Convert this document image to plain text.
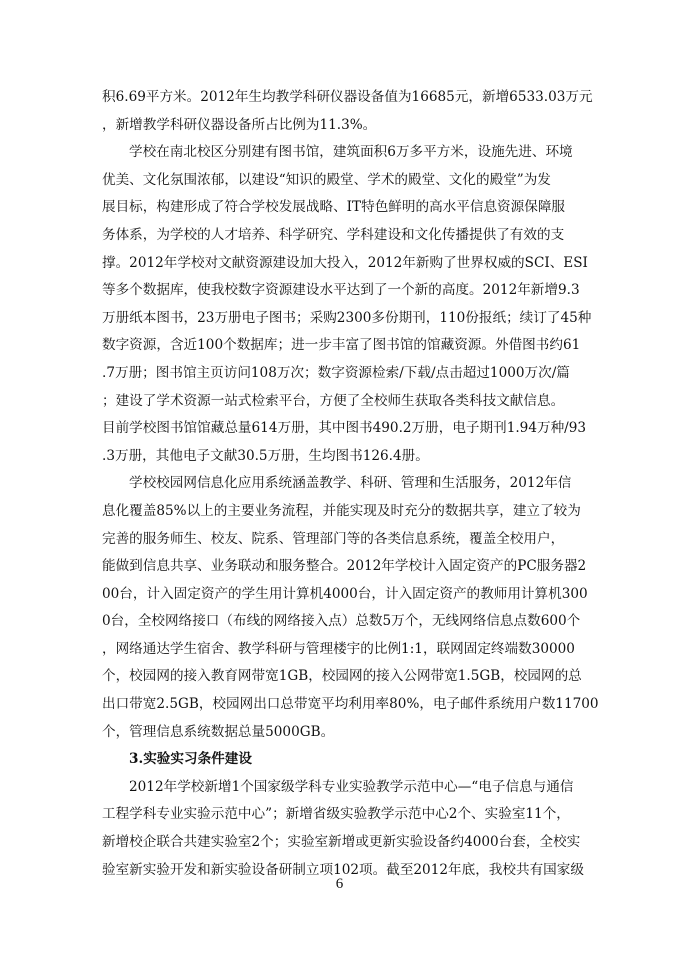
积6.69平方米。2012年生均教学科研仪器设备值为16685元，新增6533.03万元
，新增教学科研仪器设备所占比例为11.3%。
学校在南北校区分别建有图书馆，建筑面积6万多平方米，设施先进、环境
优美、文化氛围浓郁，以建设“知识的殿堂、学术的殿堂、文化的殿堂”为发
展目标，构建形成了符合学校发展战略、IT特色鲜明的高水平信息资源保障服
务体系，为学校的人才培养、科学研究、学科建设和文化传播提供了有效的支
撑。2012年学校对文献资源建设加大投入，2012年新购了世界权威的SCI、ESI
等多个数据库，使我校数字资源建设水平达到了一个新的高度。2012年新增9.3
万册纸本图书，23万册电子图书；采购2300多份期刊，110份报纸；续订了45种
数字资源，含近100个数据库；进一步丰富了图书馆的馆藏资源。外借图书约61
.7万册；图书馆主页访问108万次；数字资源检索/下载/点击超过1000万次/篇
；建设了学术资源一站式检索平台，方便了全校师生获取各类科技文献信息。
目前学校图书馆馆藏总量614万册，其中图书490.2万册，电子期刊1.94万种/93
.3万册，其他电子文献30.5万册，生均图书126.4册。
学校校园网信息化应用系统涵盖教学、科研、管理和生活服务，2012年信
息化覆盖85%以上的主要业务流程，并能实现及时充分的数据共享，建立了较为
完善的服务师生、校友、院系、管理部门等的各类信息系统，覆盖全校用户，
能做到信息共享、业务联动和服务整合。2012年学校计入固定资产的PC服务器2
00台，计入固定资产的学生用计算机4000台，计入固定资产的教师用计算机300
0台，全校网络接口（布线的网络接入点）总数5万个，无线网络信息点数600个
，网络通达学生宿舍、教学科研与管理楼宇的比例1:1，联网固定终端数30000
个，校园网的接入教育网带宽1GB，校园网的接入公网带宽1.5GB，校园网的总
出口带宽2.5GB，校园网出口总带宽平均利用率80%，电子邮件系统用户数11700
个，管理信息系统数据总量5000GB。
3.实验实习条件建设
2012年学校新增1个国家级学科专业实验教学示范中心—“电子信息与通信
工程学科专业实验示范中心”；新增省级实验教学示范中心2个、实验室11个，
新增校企联合共建实验室2个；实验室新增或更新实验设备约4000台套，全校实
验室新实验开发和新实验设备研制立项102项。截至2012年底，我校共有国家级
6
